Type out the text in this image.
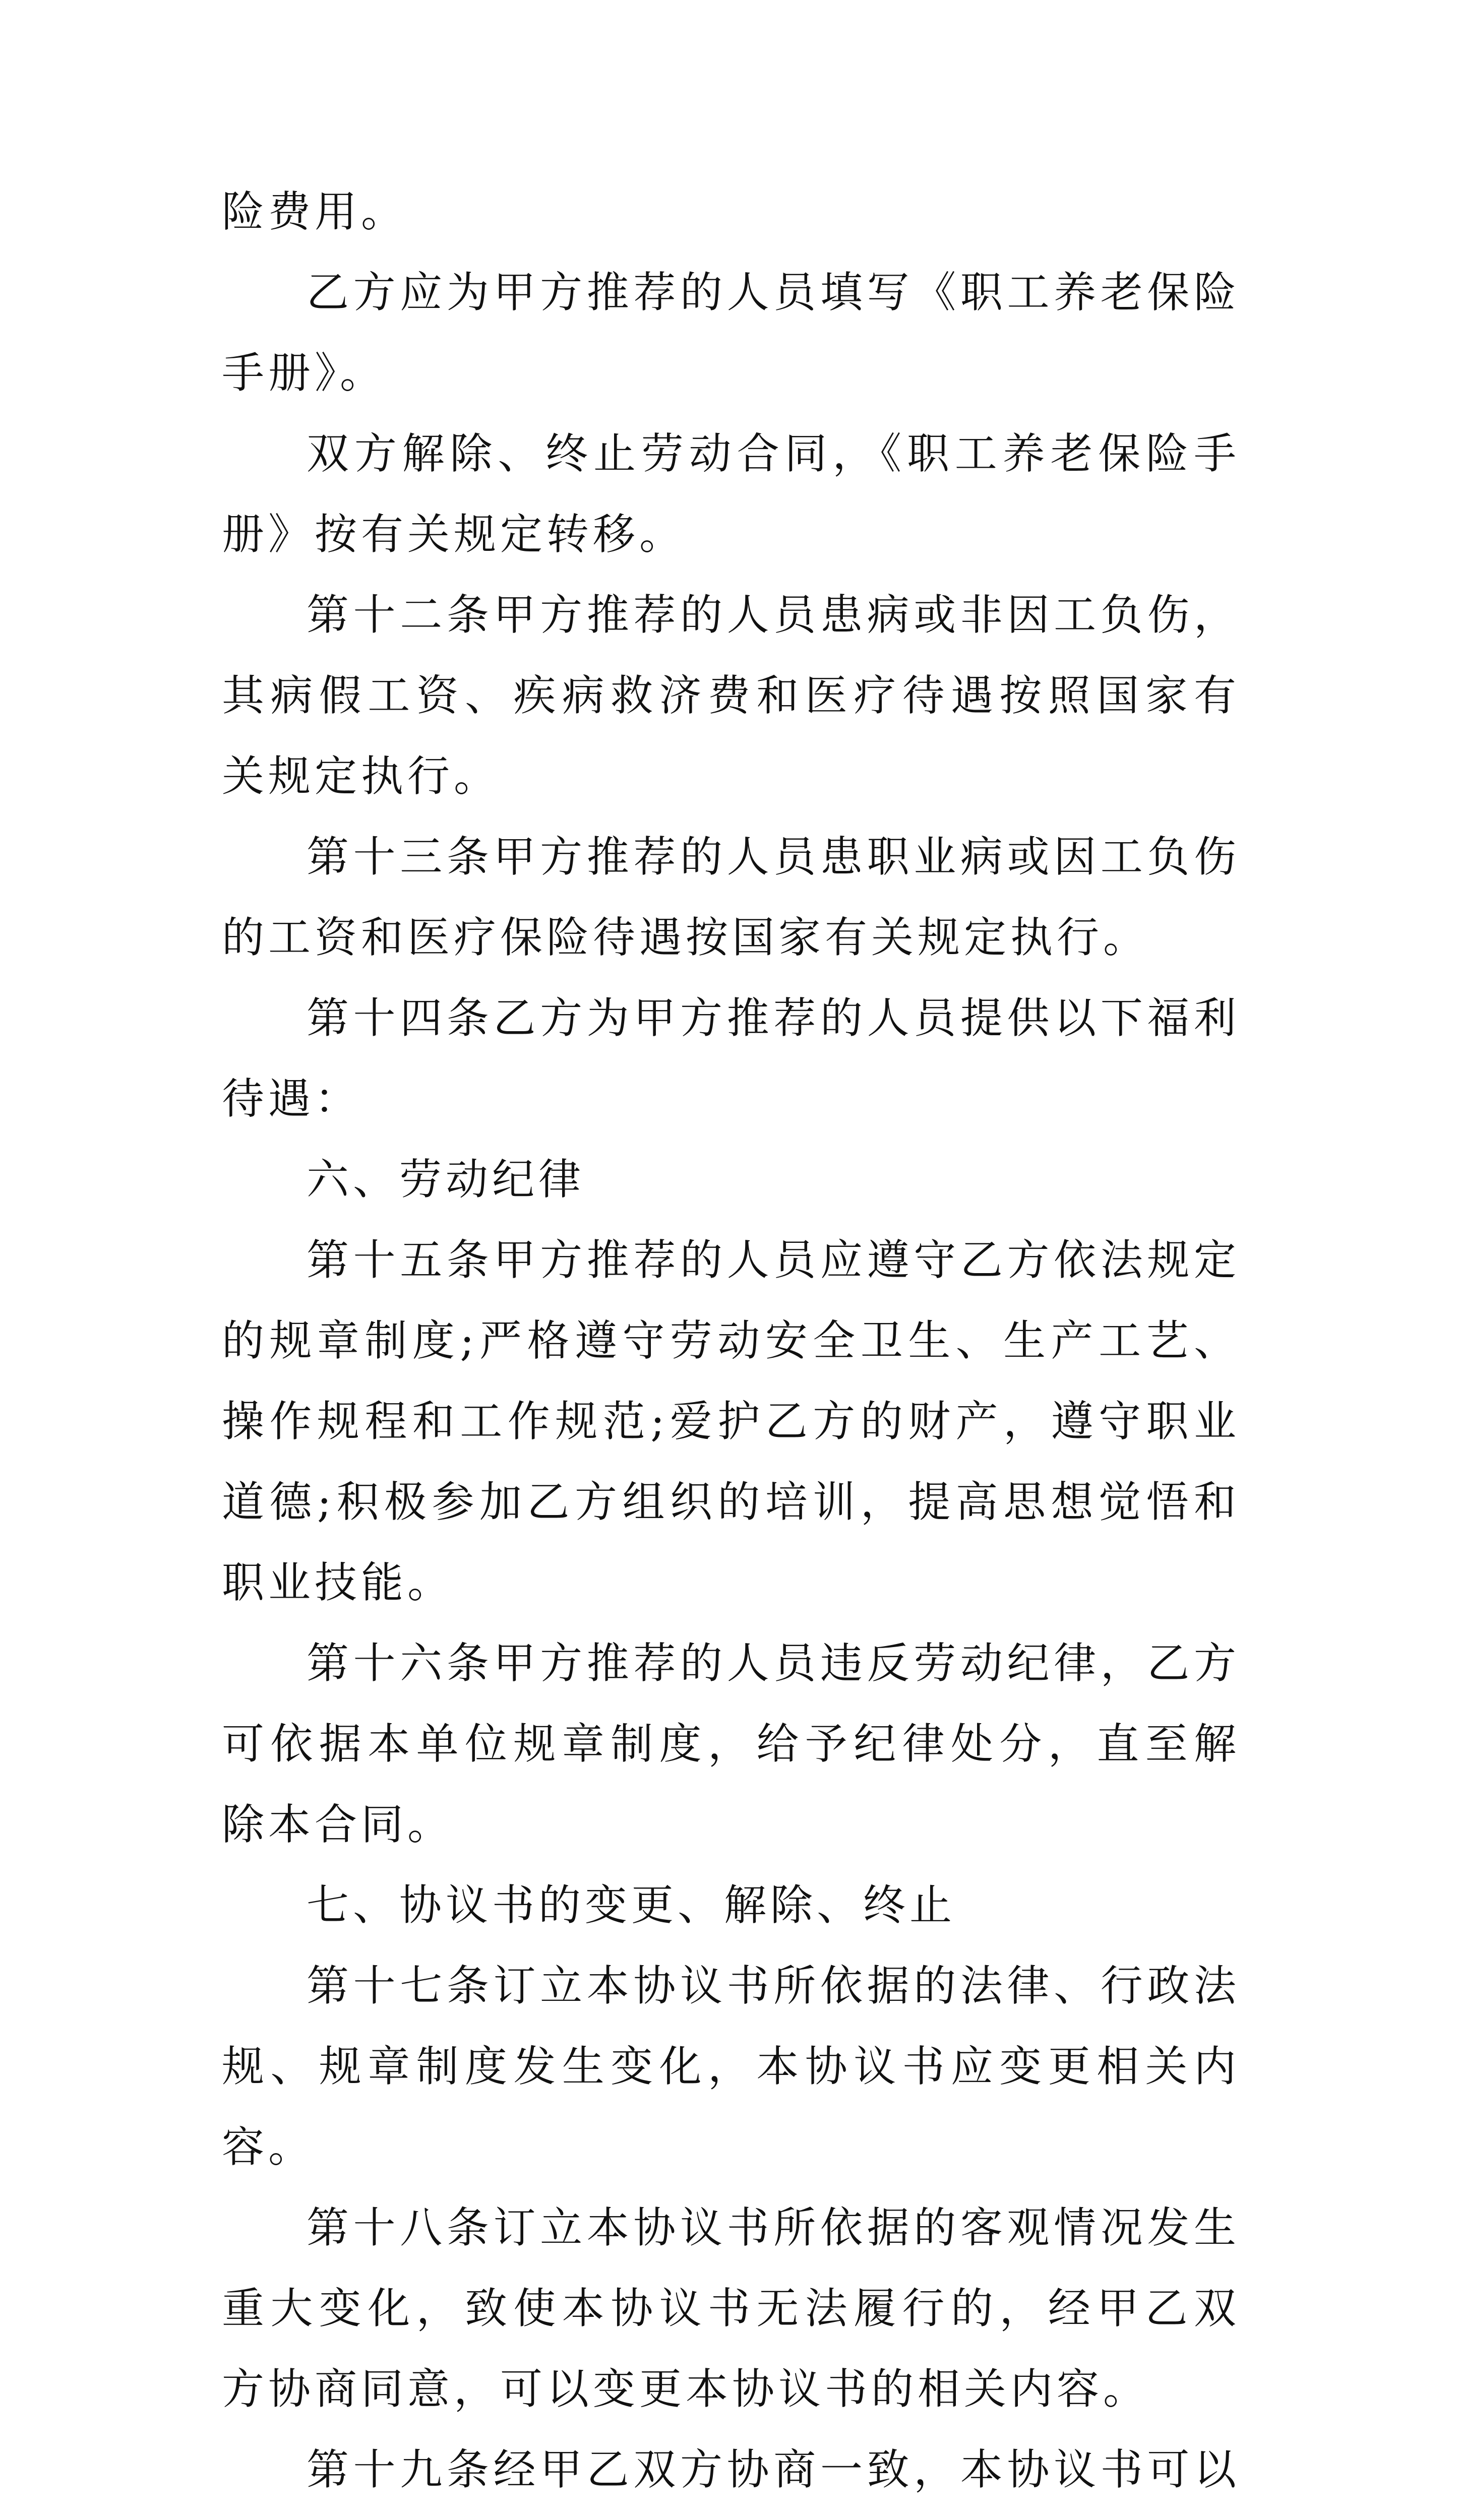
险费用。

乙方应为甲方推荐的人员填写《职工养老保险手册》。

双方解除、终止劳动合同，《职工养老保险手册》按有关规定转移。

第十二条甲方推荐的人员患病或非因工负伤，其病假工资、疾病救济费和医疗待遇按照国家有关规定执行。

第十三条甲方推荐的人员患职业病或因工负伤的工资和医疗保险待遇按国家有关规定执行。

第十四条乙方为甲方推荐的人员提供以下福利待遇：

六、劳动纪律

第十五条甲方推荐的人员应遵守乙方依法规定的规章制度;严格遵守劳动安全卫生、生产工艺、操作规程和工作规范;爱护乙方的财产，遵守职业道德;积极参加乙方组织的培训，提高思想觉悟和职业技能。

第十六条甲方推荐的人员违反劳动纪律，乙方可依据本单位规章制度，给予纪律处分，直至解除本合同。

七、协议书的变更、解除、终止

第十七条订立本协议书所依据的法律、行政法规、规章制度发生变化，本协议书应变更相关内容。

第十八条订立本协议书所依据的客观情况发生重大变化，致使本协议书无法履行的，经甲乙双方协商同意，可以变更本协议书的相关内容。

第十九条经甲乙双方协商一致，本协议书可以
